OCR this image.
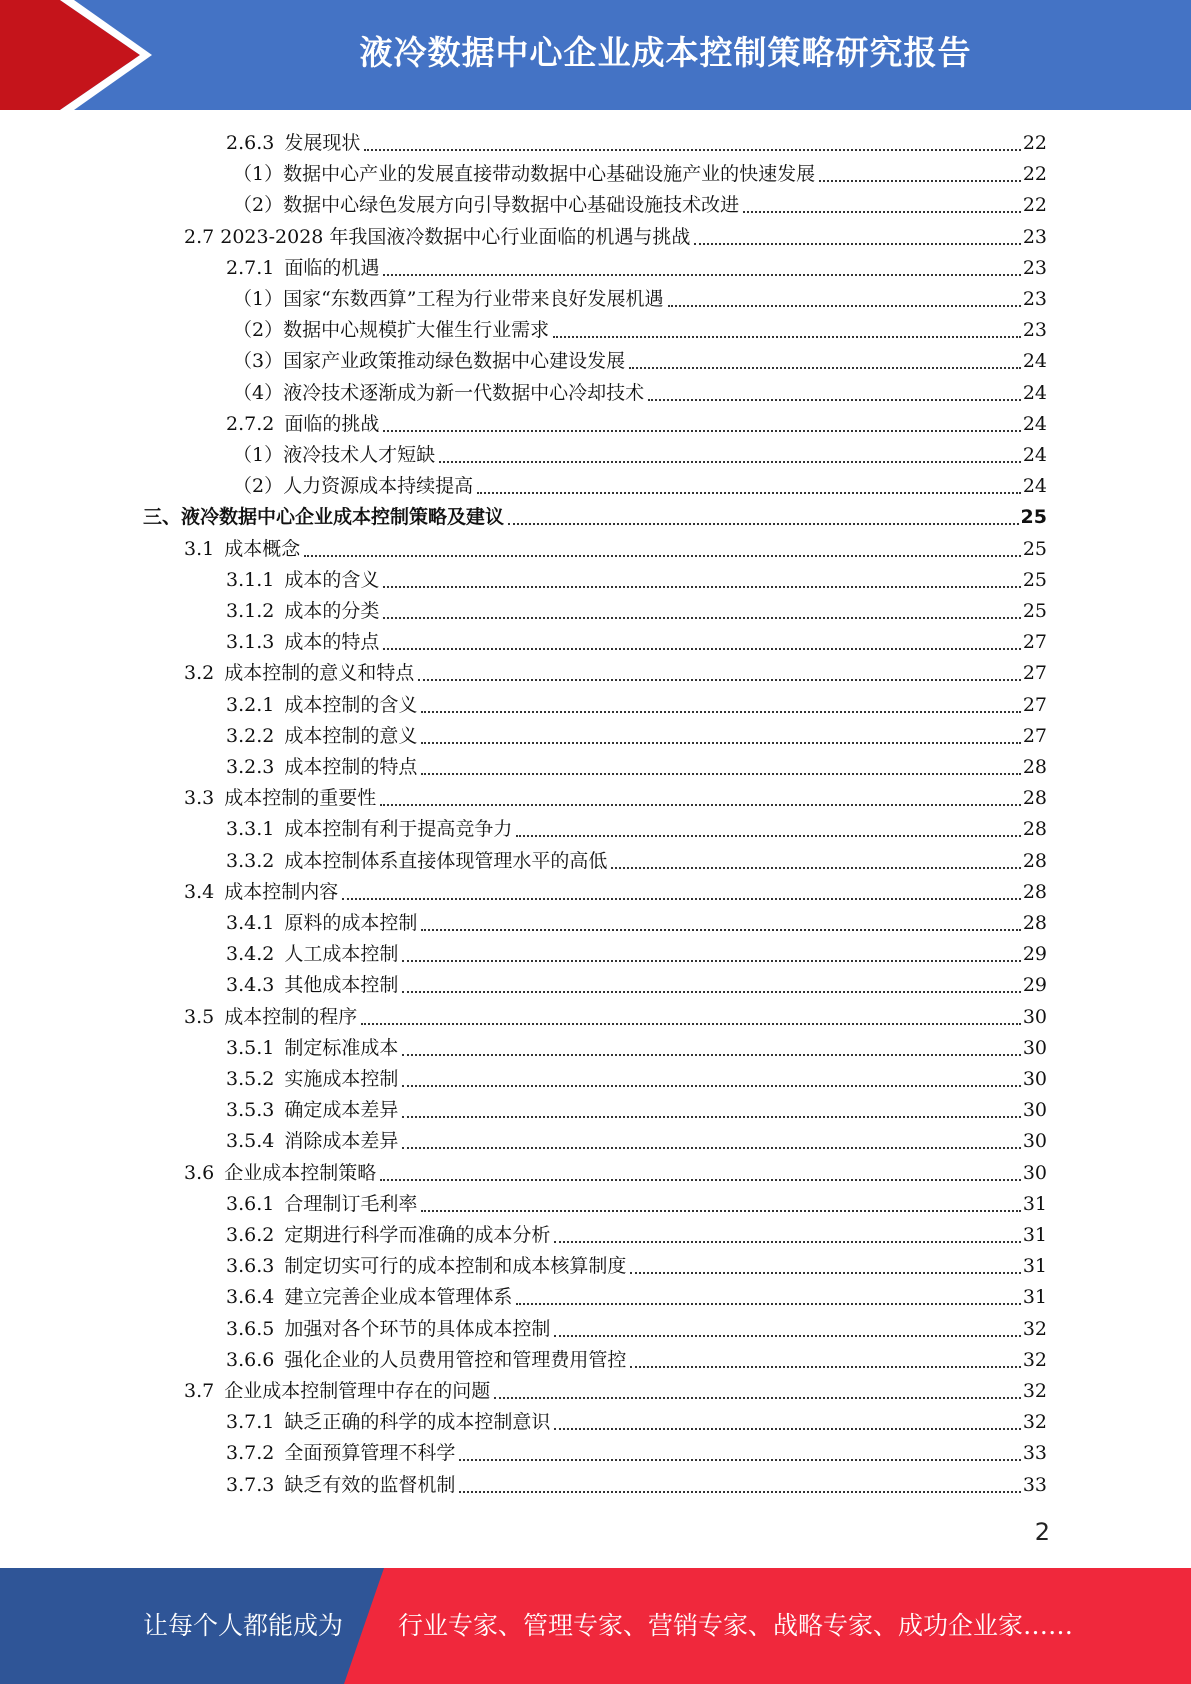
液冷数据中心企业成本控制策略研究报告
2.6.3 发展现状	22
（1）数据中心产业的发展直接带动数据中心基础设施产业的快速发展	22
（2）数据中心绿色发展方向引导数据中心基础设施技术改进	22
2.7 2023-2028 年我国液冷数据中心行业面临的机遇与挑战	23
2.7.1 面临的机遇	23
（1）国家“东数西算”工程为行业带来良好发展机遇	23
（2）数据中心规模扩大催生行业需求	23
（3）国家产业政策推动绿色数据中心建设发展	24
（4）液冷技术逐渐成为新一代数据中心冷却技术	24
2.7.2 面临的挑战	24
（1）液冷技术人才短缺	24
（2）人力资源成本持续提高	24
三、液冷数据中心企业成本控制策略及建议	25
3.1 成本概念	25
3.1.1 成本的含义	25
3.1.2 成本的分类	25
3.1.3 成本的特点	27
3.2 成本控制的意义和特点	27
3.2.1 成本控制的含义	27
3.2.2 成本控制的意义	27
3.2.3 成本控制的特点	28
3.3 成本控制的重要性	28
3.3.1 成本控制有利于提高竞争力	28
3.3.2 成本控制体系直接体现管理水平的高低	28
3.4 成本控制内容	28
3.4.1 原料的成本控制	28
3.4.2 人工成本控制	29
3.4.3 其他成本控制	29
3.5 成本控制的程序	30
3.5.1 制定标准成本	30
3.5.2 实施成本控制	30
3.5.3 确定成本差异	30
3.5.4 消除成本差异	30
3.6 企业成本控制策略	30
3.6.1 合理制订毛利率	31
3.6.2 定期进行科学而准确的成本分析	31
3.6.3 制定切实可行的成本控制和成本核算制度	31
3.6.4 建立完善企业成本管理体系	31
3.6.5 加强对各个环节的具体成本控制	32
3.6.6 强化企业的人员费用管控和管理费用管控	32
3.7 企业成本控制管理中存在的问题	32
3.7.1 缺乏正确的科学的成本控制意识	32
3.7.2 全面预算管理不科学	33
3.7.3 缺乏有效的监督机制	33
2
让每个人都能成为 行业专家、管理专家、营销专家、战略专家、成功企业家……
